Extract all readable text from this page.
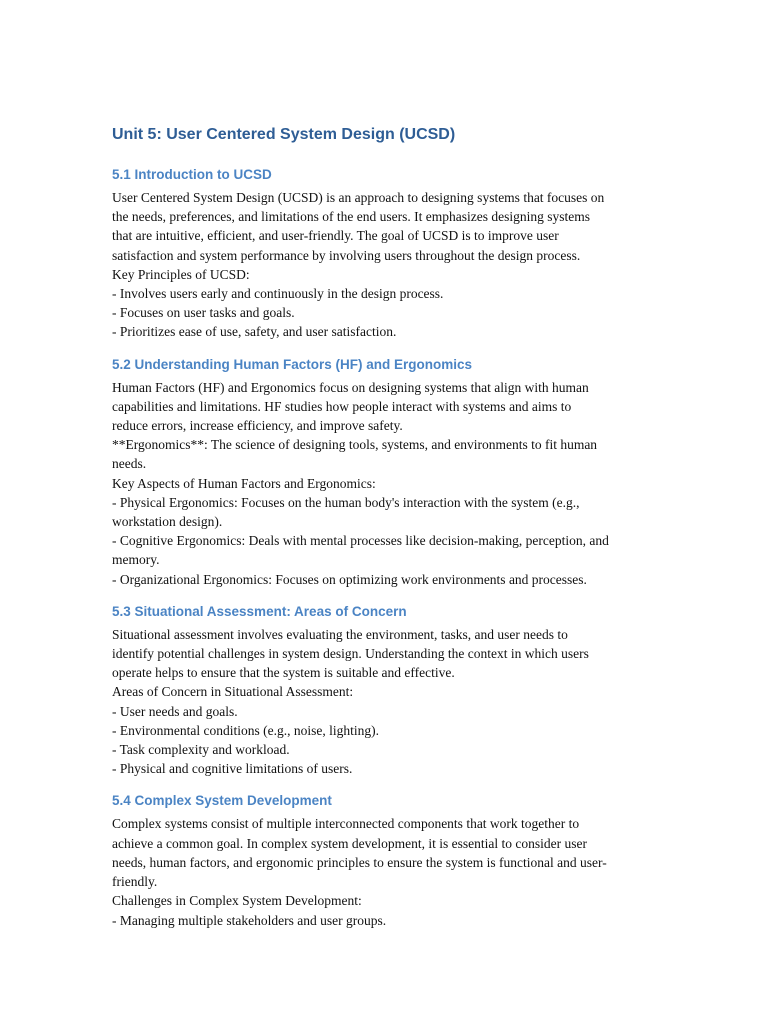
Unit 5: User Centered System Design (UCSD)
5.1 Introduction to UCSD

User Centered System Design (UCSD) is an approach to designing systems that focuses on

the needs, preferences, and limitations of the end users. It emphasizes designing systems

that are intuitive, efficient, and user-friendly. The goal of UCSD is to improve user

satisfaction and system performance by involving users throughout the design process.

Key Principles of UCSD:

- Involves users early and continuously in the design process.

- Focuses on user tasks and goals.

- Prioritizes ease of use, safety, and user satisfaction.

5.2 Understanding Human Factors (HF) and Ergonomics

Human Factors (HF) and Ergonomics focus on designing systems that align with human

capabilities and limitations. HF studies how people interact with systems and aims to

reduce errors, increase efficiency, and improve safety.

**Ergonomics**: The science of designing tools, systems, and environments to fit human

needs.

Key Aspects of Human Factors and Ergonomics:

- Physical Ergonomics: Focuses on the human body's interaction with the system (e.g.,

workstation design).

- Cognitive Ergonomics: Deals with mental processes like decision-making, perception, and

memory.

- Organizational Ergonomics: Focuses on optimizing work environments and processes.

5.3 Situational Assessment: Areas of Concern

Situational assessment involves evaluating the environment, tasks, and user needs to

identify potential challenges in system design. Understanding the context in which users

operate helps to ensure that the system is suitable and effective.

Areas of Concern in Situational Assessment:

- User needs and goals.

- Environmental conditions (e.g., noise, lighting).

- Task complexity and workload.

- Physical and cognitive limitations of users.

5.4 Complex System Development

Complex systems consist of multiple interconnected components that work together to

achieve a common goal. In complex system development, it is essential to consider user

needs, human factors, and ergonomic principles to ensure the system is functional and user-

friendly.

Challenges in Complex System Development:

- Managing multiple stakeholders and user groups.
